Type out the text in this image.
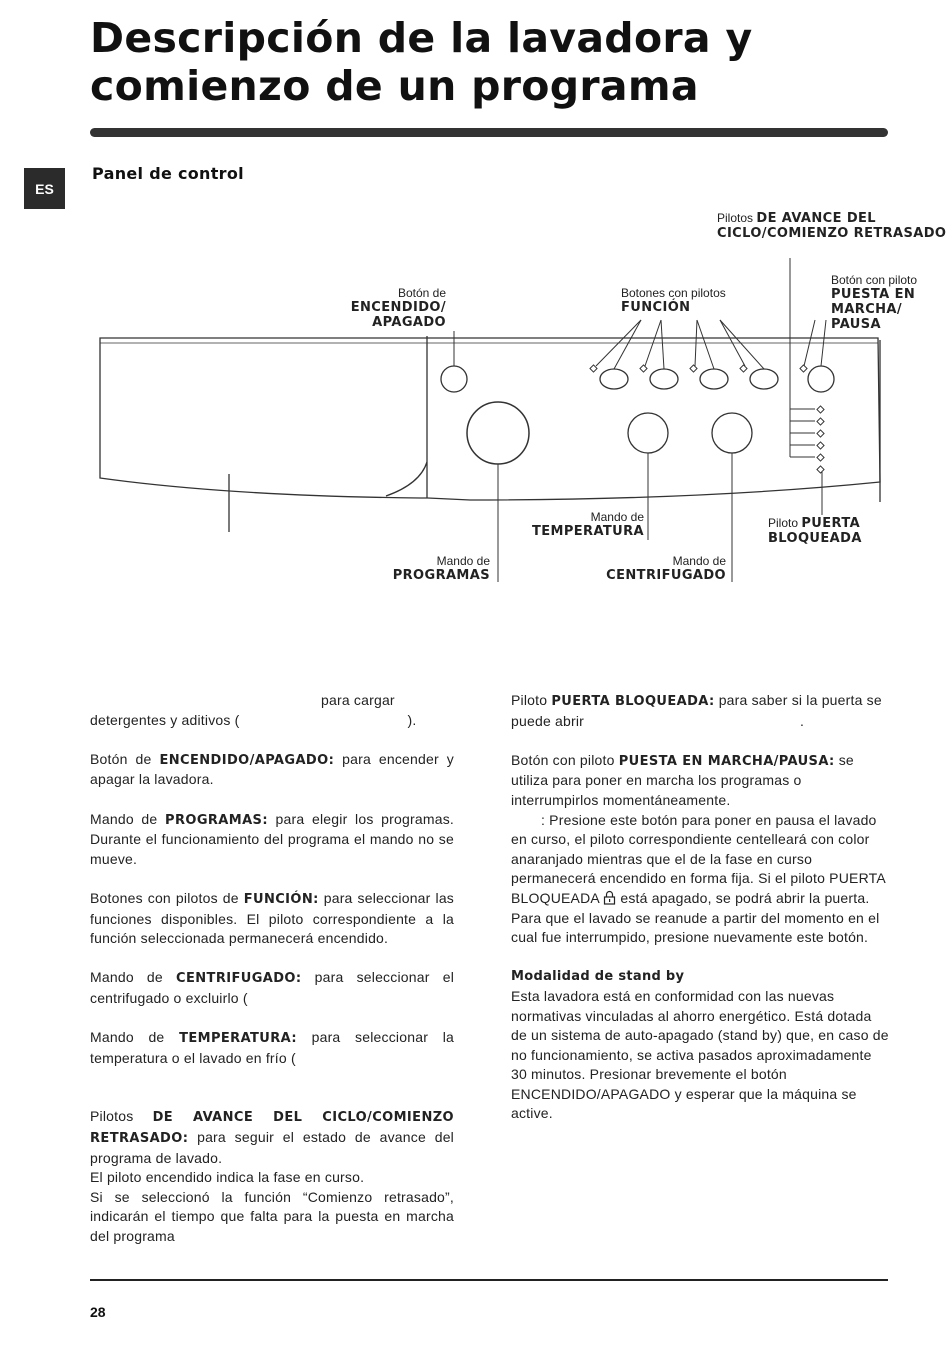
Descripción de la lavadora y
comienzo de un programa
ES
Panel de control
Pilotos DE AVANCE DEL CICLO/COMIENZO RETRASADO
Botón de
ENCENDIDO/
APAGADO
Botones con pilotos
FUNCIÓN
Botón con piloto
PUESTA EN
MARCHA/
PAUSA
Mando de
TEMPERATURA
Piloto PUERTA
BLOQUEADA
Mando de
PROGRAMAS
Mando de
CENTRIFUGADO

para cargar
detergentes y aditivos (	).

Botón de ENCENDIDO/APAGADO: para encender y apagar la lavadora.

Mando de PROGRAMAS: para elegir los programas. Durante el funcionamiento del programa el mando no se mueve.

Botones con pilotos de FUNCIÓN: para seleccionar las funciones disponibles. El piloto correspondiente a la función seleccionada permanecerá encendido.

Mando de CENTRIFUGADO: para seleccionar el centrifugado o excluirlo (

Mando de TEMPERATURA: para seleccionar la temperatura o el lavado en frío (

Pilotos DE AVANCE DEL CICLO/COMIENZO RETRASADO: para seguir el estado de avance del programa de lavado.
El piloto encendido indica la fase en curso.
Si se seleccionó la función “Comienzo retrasado”, indicarán el tiempo que falta para la puesta en marcha del programa

Piloto PUERTA BLOQUEADA: para saber si la puerta se puede abrir	.

Botón con piloto PUESTA EN MARCHA/PAUSA: se utiliza para poner en marcha los programas o interrumpirlos momentáneamente.

: Presione este botón para poner en pausa el lavado en curso, el piloto correspondiente centelleará con color anaranjado mientras que el de la fase en curso permanecerá encendido en forma fija. Si el piloto PUERTA BLOQUEADA está apagado, se podrá abrir la puerta.
Para que el lavado se reanude a partir del momento en el cual fue interrumpido, presione nuevamente este botón.

Modalidad de stand by

Esta lavadora está en conformidad con las nuevas normativas vinculadas al ahorro energético. Está dotada de un sistema de auto-apagado (stand by) que, en caso de no funcionamiento, se activa pasados aproximadamente 30 minutos. Presionar brevemente el botón ENCENDIDO/APAGADO y esperar que la máquina se active.

28
